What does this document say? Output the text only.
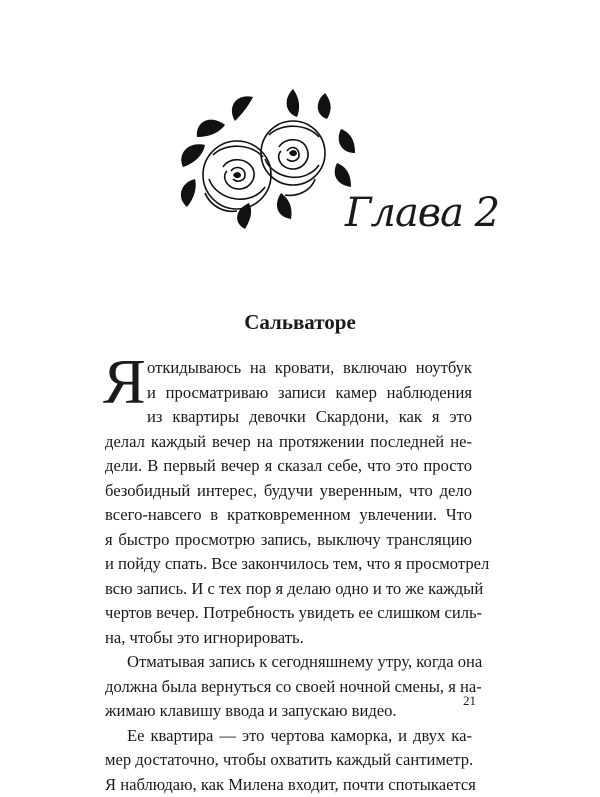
Глава 2
Сальваторе
Я откидываюсь на кровати, включаю ноутбук
и просматриваю записи камер наблюдения
из квартиры девочки Скардони, как я это
делал каждый вечер на протяжении последней не-
дели. В первый вечер я сказал себе, что это просто
безобидный интерес, будучи уверенным, что дело
всего-навсего в кратковременном увлечении. Что
я быстро просмотрю запись, выключу трансляцию
и пойду спать. Все закончилось тем, что я просмотрел
всю запись. И с тех пор я делаю одно и то же каждый
чертов вечер. Потребность увидеть ее слишком силь-
на, чтобы это игнорировать.
Отматывая запись к сегодняшнему утру, когда она
должна была вернуться со своей ночной смены, я на-
жимаю клавишу ввода и запускаю видео.
Ее квартира — это чертова каморка, и двух ка-
мер достаточно, чтобы охватить каждый сантиметр.
Я наблюдаю, как Милена входит, почти спотыкается
21
